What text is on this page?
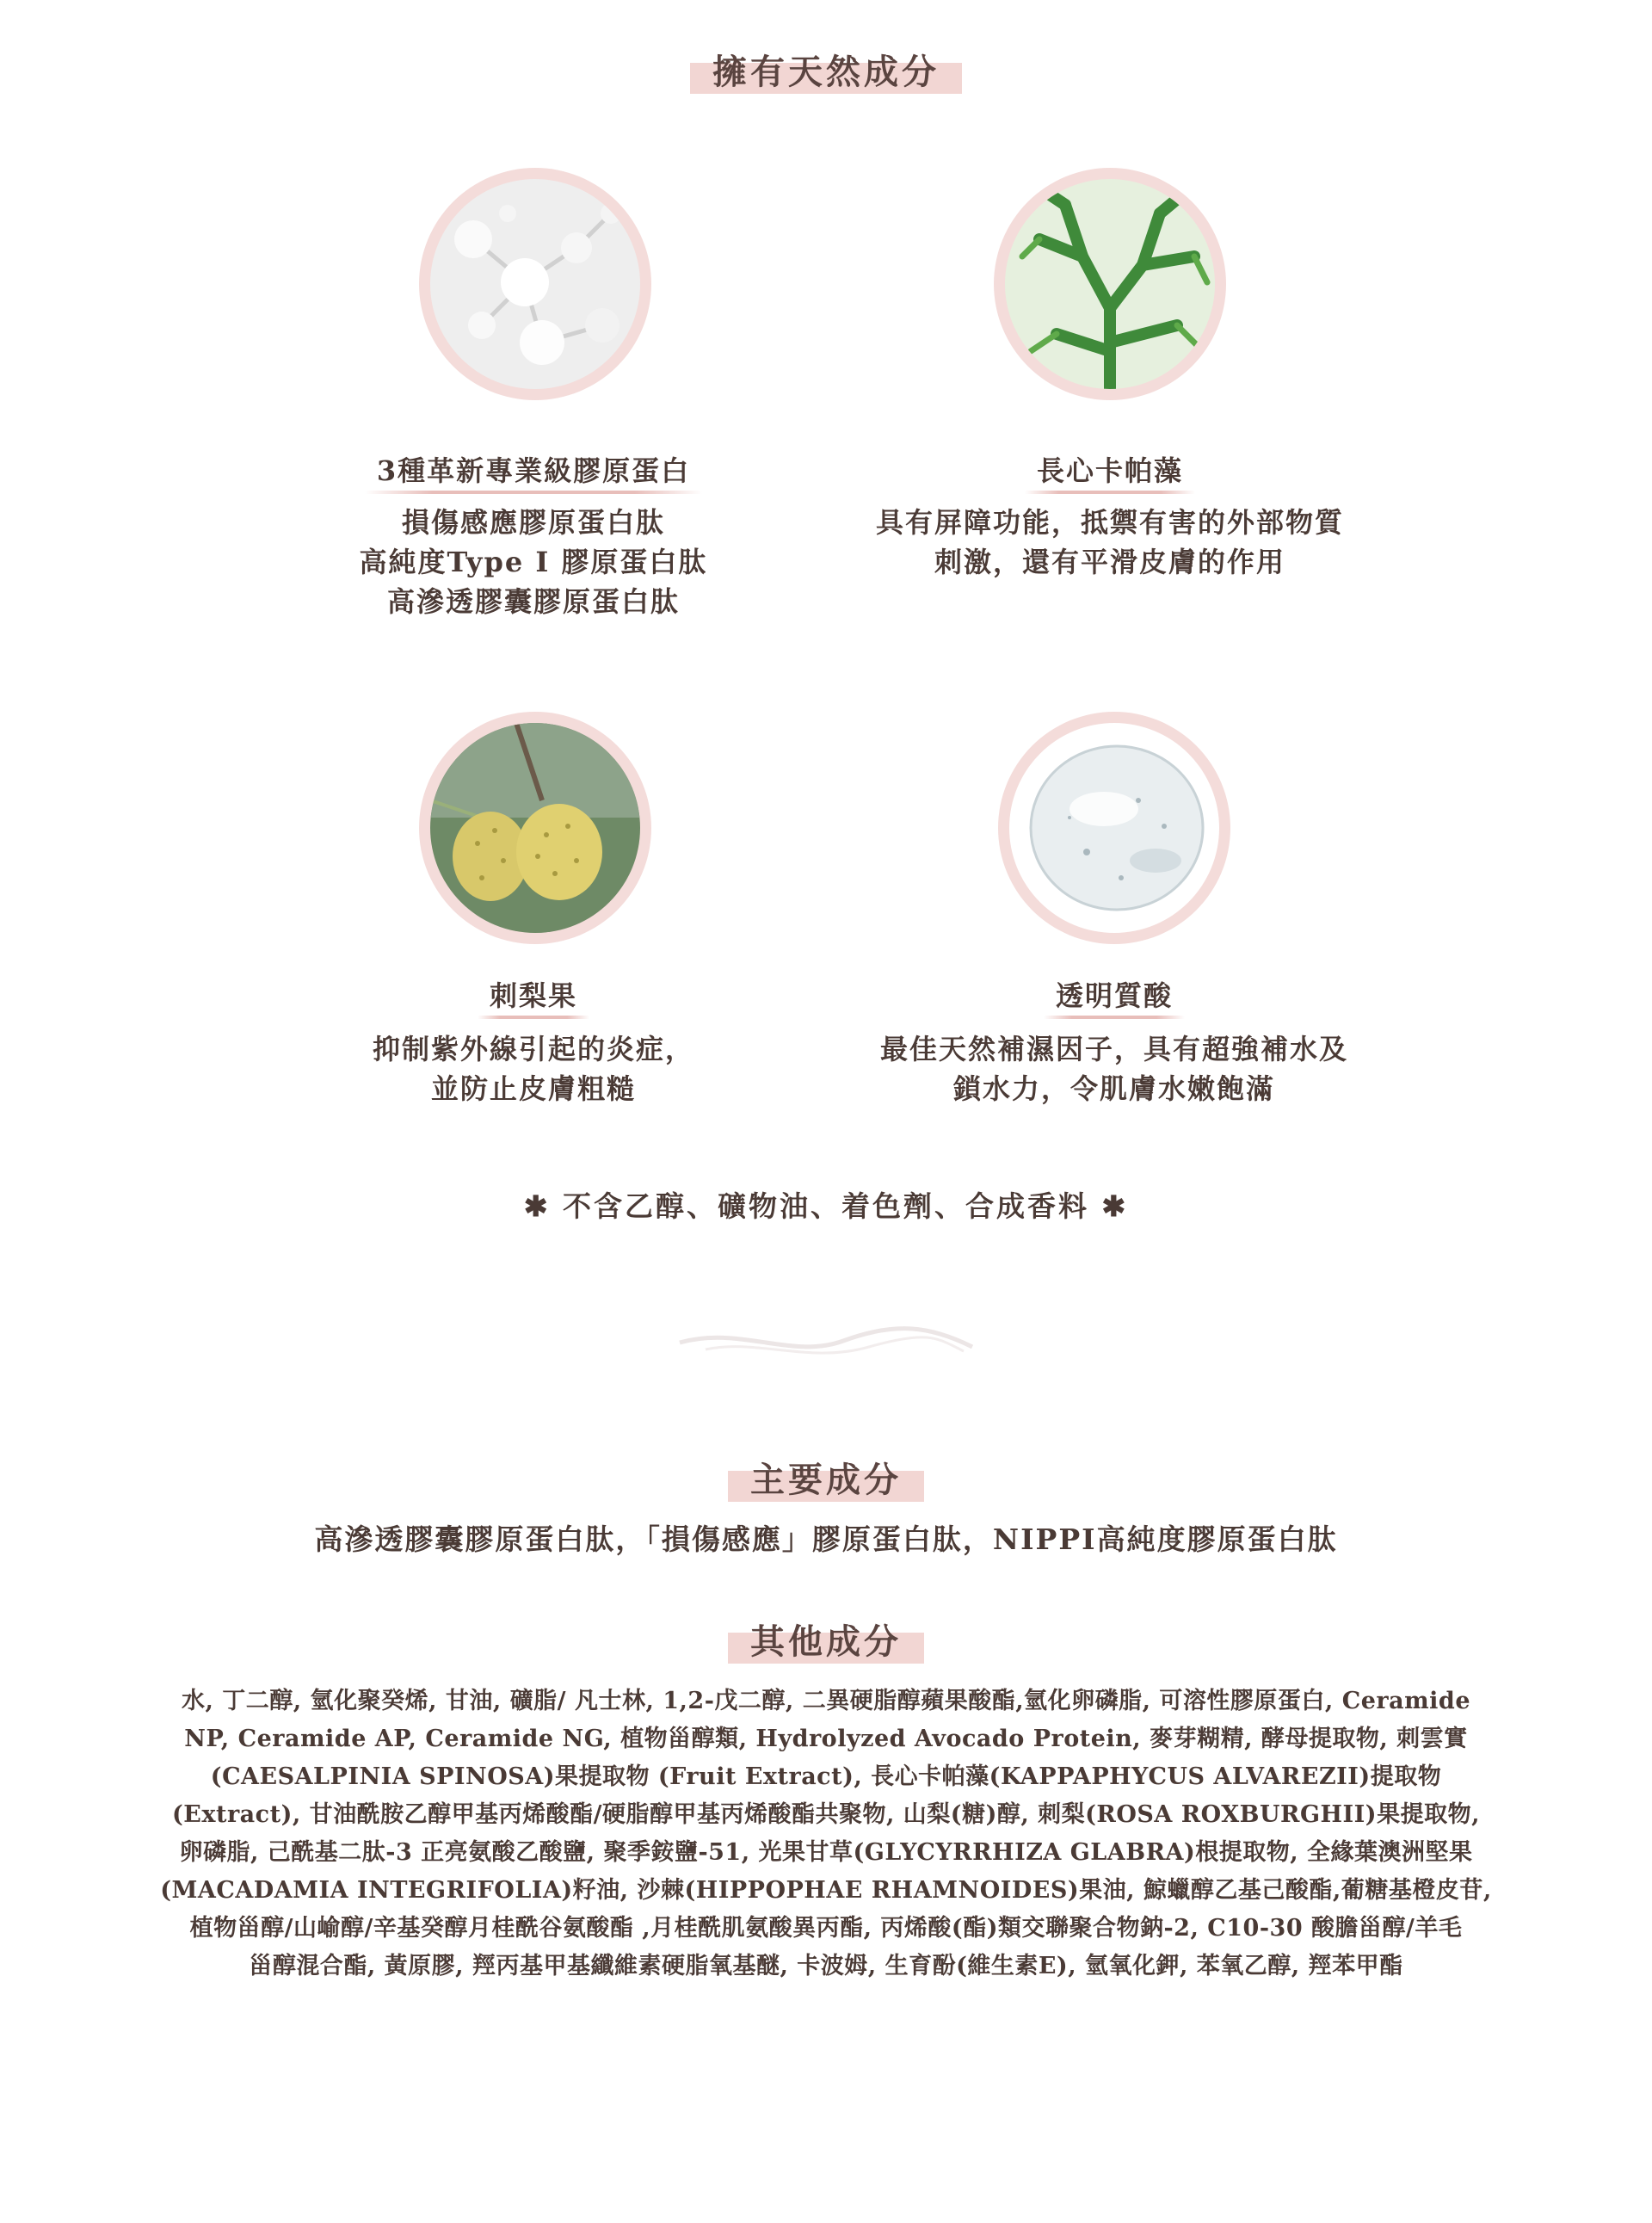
擁有天然成分
3種革新專業級膠原蛋白
損傷感應膠原蛋白肽
高純度Type I 膠原蛋白肽
高滲透膠囊膠原蛋白肽
長心卡帕藻
具有屏障功能，抵禦有害的外部物質
刺激，還有平滑皮膚的作用
刺梨果
抑制紫外線引起的炎症，
並防止皮膚粗糙
透明質酸
最佳天然補濕因子，具有超強補水及
鎖水力，令肌膚水嫩飽滿
✱ 不含乙醇、礦物油、着色劑、合成香料 ✱
主要成分
高滲透膠囊膠原蛋白肽，「損傷感應」膠原蛋白肽，NIPPI高純度膠原蛋白肽
其他成分
水, 丁二醇, 氫化聚癸烯, 甘油, 礦脂/ 凡士林, 1,2-戊二醇, 二異硬脂醇蘋果酸酯,氫化卵磷脂, 可溶性膠原蛋白, Ceramide
NP, Ceramide AP, Ceramide NG, 植物甾醇類, Hydrolyzed Avocado Protein, 麥芽糊精, 酵母提取物, 刺雲實
(CAESALPINIA SPINOSA)果提取物 (Fruit Extract), 長心卡帕藻(KAPPAPHYCUS ALVAREZII)提取物
(Extract), 甘油酰胺乙醇甲基丙烯酸酯/硬脂醇甲基丙烯酸酯共聚物, 山梨(糖)醇, 刺梨(ROSA ROXBURGHII)果提取物,
卵磷脂, 己酰基二肽-3 正亮氨酸乙酸鹽, 聚季銨鹽-51, 光果甘草(GLYCYRRHIZA GLABRA)根提取物, 全緣葉澳洲堅果
(MACADAMIA INTEGRIFOLIA)籽油, 沙棘(HIPPOPHAE RHAMNOIDES)果油, 鯨蠟醇乙基己酸酯,葡糖基橙皮苷,
植物甾醇/山崳醇/辛基癸醇月桂酰谷氨酸酯 ,月桂酰肌氨酸異丙酯, 丙烯酸(酯)類交聯聚合物鈉-2, C10-30 酸膽甾醇/羊毛
甾醇混合酯, 黃原膠, 羥丙基甲基纖維素硬脂氧基醚, 卡波姆, 生育酚(維生素E), 氫氧化鉀, 苯氧乙醇, 羥苯甲酯
